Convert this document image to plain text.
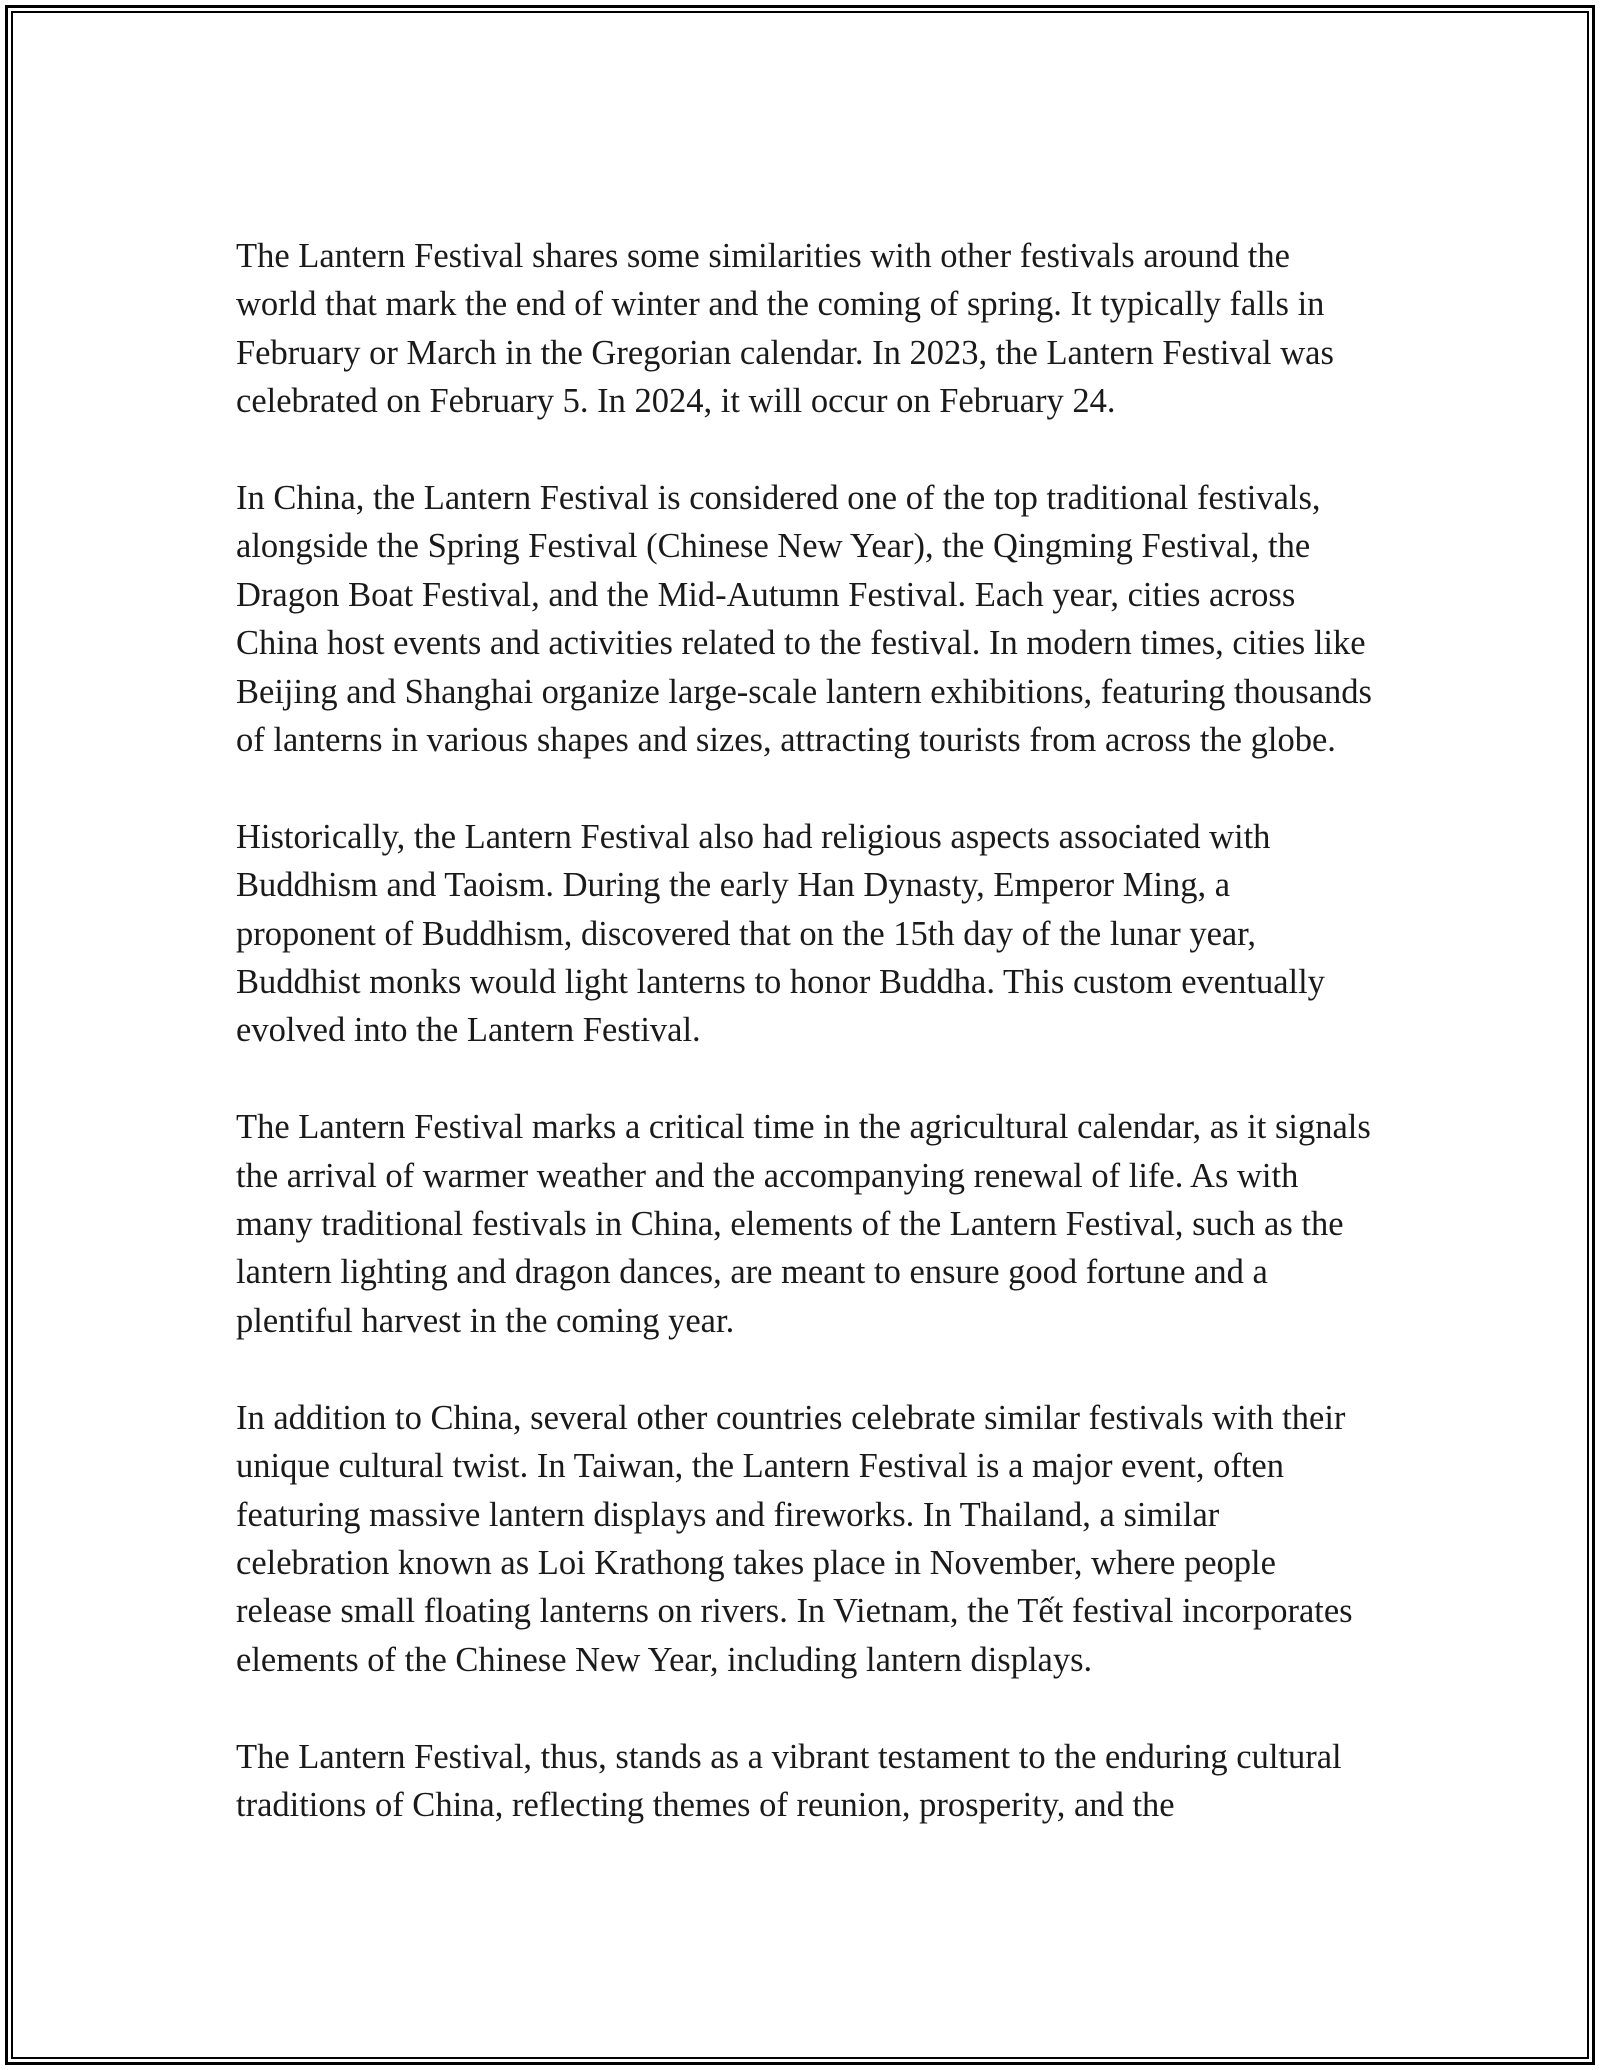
The Lantern Festival shares some similarities with other festivals around the world that mark the end of winter and the coming of spring. It typically falls in February or March in the Gregorian calendar. In 2023, the Lantern Festival was celebrated on February 5. In 2024, it will occur on February 24.

In China, the Lantern Festival is considered one of the top traditional festivals, alongside the Spring Festival (Chinese New Year), the Qingming Festival, the Dragon Boat Festival, and the Mid-Autumn Festival. Each year, cities across China host events and activities related to the festival. In modern times, cities like Beijing and Shanghai organize large-scale lantern exhibitions, featuring thousands of lanterns in various shapes and sizes, attracting tourists from across the globe.

Historically, the Lantern Festival also had religious aspects associated with Buddhism and Taoism. During the early Han Dynasty, Emperor Ming, a proponent of Buddhism, discovered that on the 15th day of the lunar year, Buddhist monks would light lanterns to honor Buddha. This custom eventually evolved into the Lantern Festival.

The Lantern Festival marks a critical time in the agricultural calendar, as it signals the arrival of warmer weather and the accompanying renewal of life. As with many traditional festivals in China, elements of the Lantern Festival, such as the lantern lighting and dragon dances, are meant to ensure good fortune and a plentiful harvest in the coming year.

In addition to China, several other countries celebrate similar festivals with their unique cultural twist. In Taiwan, the Lantern Festival is a major event, often featuring massive lantern displays and fireworks. In Thailand, a similar celebration known as Loi Krathong takes place in November, where people release small floating lanterns on rivers. In Vietnam, the Tết festival incorporates elements of the Chinese New Year, including lantern displays.

The Lantern Festival, thus, stands as a vibrant testament to the enduring cultural traditions of China, reflecting themes of reunion, prosperity, and the
